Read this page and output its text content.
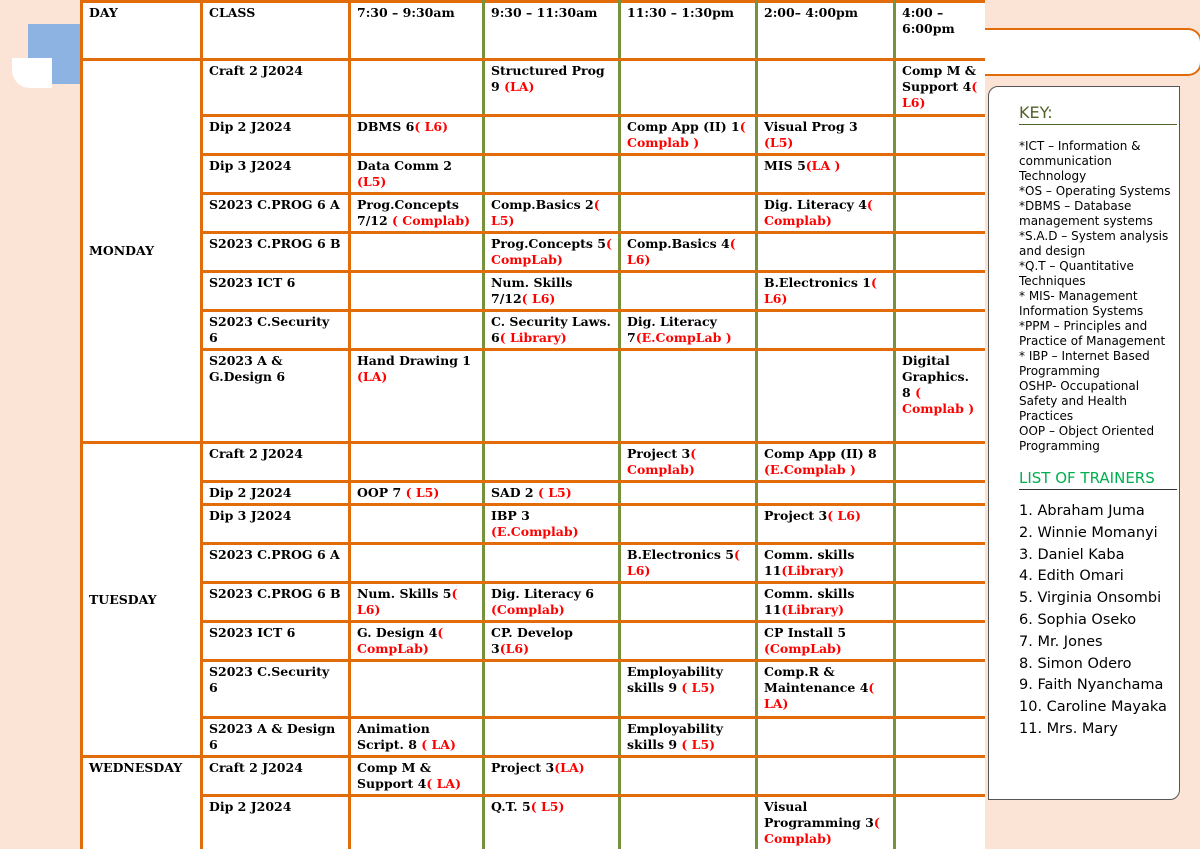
DAY	CLASS	7:30 – 9:30am	9:30 – 11:30am	11:30 – 1:30pm	2:00– 4:00pm	4:00 – 6:00pm
MONDAY	Craft 2 J2024		Structured Prog 9 (LA)			Comp M & Support 4( L6)
	Dip 2 J2024	DBMS 6( L6)		Comp App (II) 1( Complab )	Visual Prog 3 (L5)	
	Dip 3 J2024	Data Comm 2 (L5)			MIS 5(LA )	
	S2023 C.PROG 6 A	Prog.Concepts 7/12 ( Complab)	Comp.Basics 2( L5)		Dig. Literacy 4( Complab)	
	S2023 C.PROG 6 B		Prog.Concepts 5( CompLab)	Comp.Basics 4( L6)		
	S2023 ICT 6		Num. Skills 7/12( L6)		B.Electronics 1( L6)	
	S2023 C.Security 6		C. Security Laws. 6( Library)	Dig. Literacy 7(E.CompLab )		
	S2023 A & G.Design 6	Hand Drawing 1 (LA)				Digital Graphics. 8 ( Complab )
TUESDAY	Craft 2 J2024			Project 3( Complab)	Comp App (II) 8 (E.Complab )	
	Dip 2 J2024	OOP 7 ( L5)	SAD 2 ( L5)			
	Dip 3 J2024		IBP 3 (E.Complab)		Project 3( L6)	
	S2023 C.PROG 6 A			B.Electronics 5( L6)	Comm. skills 11(Library)	
	S2023 C.PROG 6 B	Num. Skills 5( L6)	Dig. Literacy 6 (Complab)		Comm. skills 11(Library)	
	S2023 ICT 6	G. Design 4( CompLab)	CP. Develop 3(L6)		CP Install 5 (CompLab)	
	S2023 C.Security 6			Employability skills 9 ( L5)	Comp.R & Maintenance 4( LA)	
	S2023 A & Design 6	Animation Script. 8 ( LA)		Employability skills 9 ( L5)		
WEDNESDAY	Craft 2 J2024	Comp M & Support 4( LA)	Project 3(LA)			
	Dip 2 J2024		Q.T. 5( L5)		Visual Programming 3( Complab)	
KEY:
*ICT – Information & communication Technology
*OS – Operating Systems
*DBMS – Database management systems
*S.A.D – System analysis and design
*Q.T – Quantitative Techniques
* MIS- Management Information Systems
*PPM – Principles and Practice of Management
* IBP – Internet Based Programming
OSHP- Occupational Safety and Health Practices
OOP – Object Oriented Programming
LIST OF TRAINERS
1. Abraham Juma
2. Winnie Momanyi
3. Daniel Kaba
4. Edith Omari
5. Virginia Onsombi
6. Sophia Oseko
7. Mr. Jones
8. Simon Odero
9. Faith Nyanchama
10. Caroline Mayaka
11. Mrs. Mary
